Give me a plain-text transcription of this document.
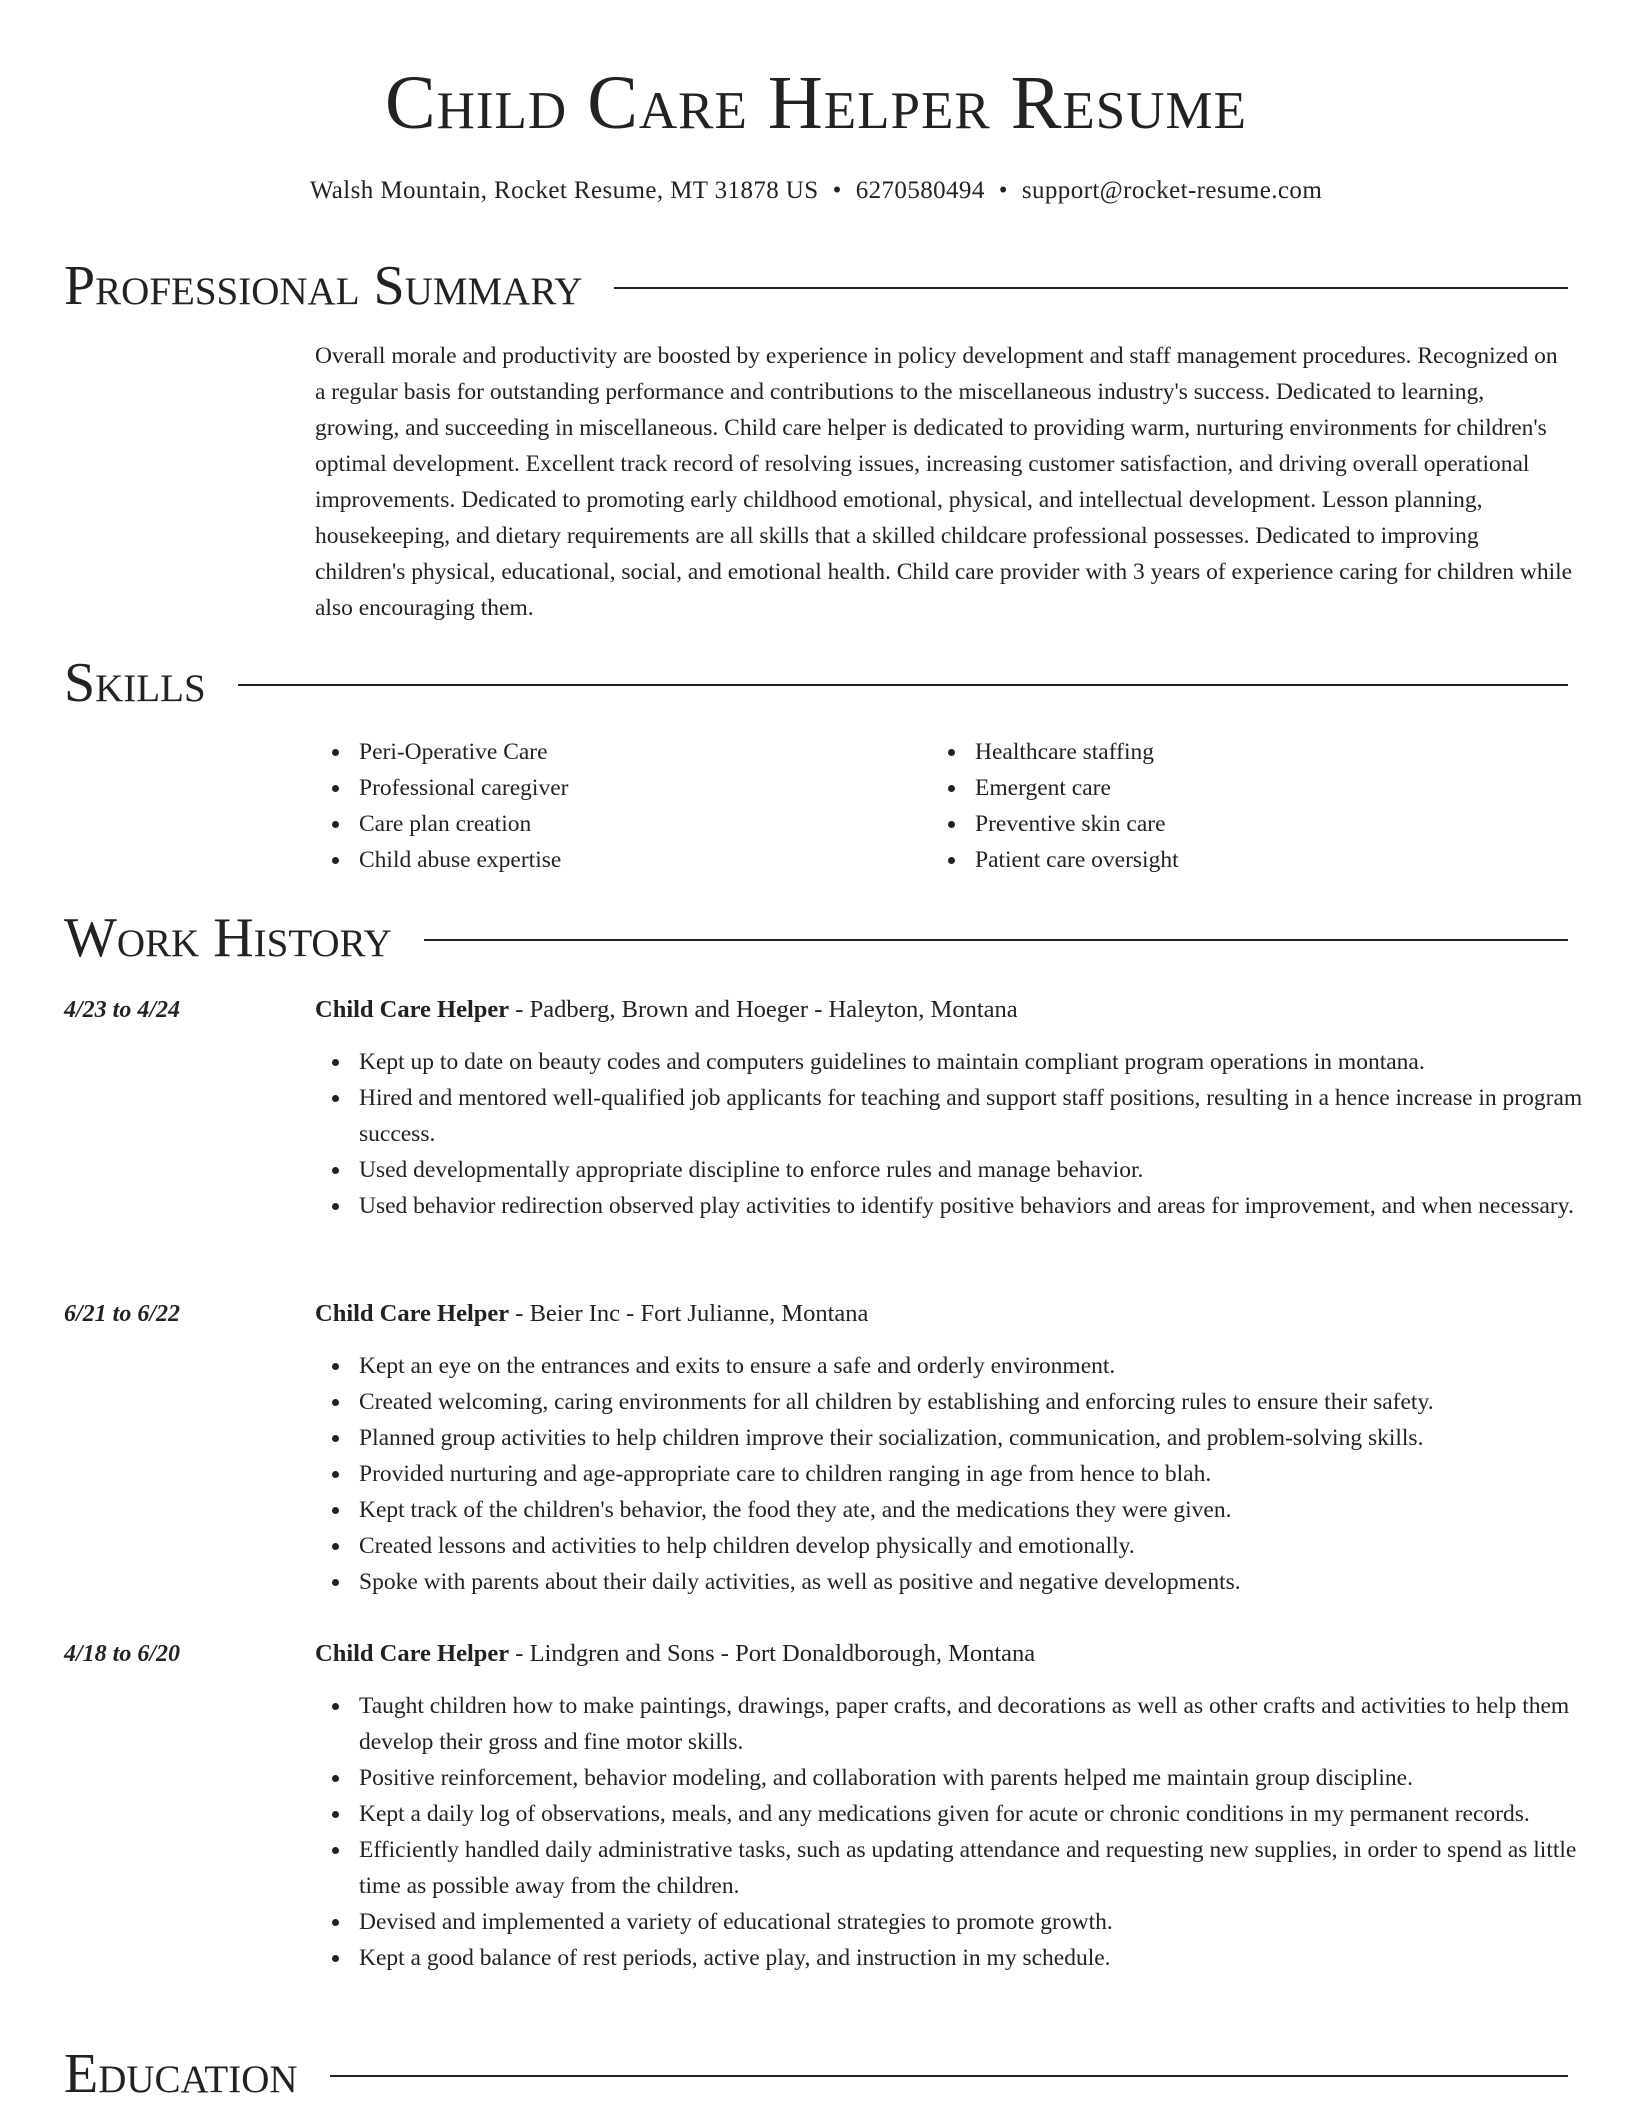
Child Care Helper Resume
Walsh Mountain, Rocket Resume, MT 31878 US • 6270580494 • support@rocket-resume.com
Professional Summary

Overall morale and productivity are boosted by experience in policy development and staff management procedures. Recognized on a regular basis for outstanding performance and contributions to the miscellaneous industry's success. Dedicated to learning, growing, and succeeding in miscellaneous. Child care helper is dedicated to providing warm, nurturing environments for children's optimal development. Excellent track record of resolving issues, increasing customer satisfaction, and driving overall operational improvements. Dedicated to promoting early childhood emotional, physical, and intellectual development. Lesson planning, housekeeping, and dietary requirements are all skills that a skilled childcare professional possesses. Dedicated to improving children's physical, educational, social, and emotional health. Child care provider with 3 years of experience caring for children while also encouraging them.

Skills
Peri-Operative Care
Professional caregiver
Care plan creation
Child abuse expertise
Healthcare staffing
Emergent care
Preventive skin care
Patient care oversight
Work History
4/23 to 4/24	Child Care Helper - Padberg, Brown and Hoeger - Haleyton, Montana
Kept up to date on beauty codes and computers guidelines to maintain compliant program operations in montana.
Hired and mentored well-qualified job applicants for teaching and support staff positions, resulting in a hence increase in program success.
Used developmentally appropriate discipline to enforce rules and manage behavior.
Used behavior redirection observed play activities to identify positive behaviors and areas for improvement, and when necessary.
6/21 to 6/22	Child Care Helper - Beier Inc - Fort Julianne, Montana
Kept an eye on the entrances and exits to ensure a safe and orderly environment.
Created welcoming, caring environments for all children by establishing and enforcing rules to ensure their safety.
Planned group activities to help children improve their socialization, communication, and problem-solving skills.
Provided nurturing and age-appropriate care to children ranging in age from hence to blah.
Kept track of the children's behavior, the food they ate, and the medications they were given.
Created lessons and activities to help children develop physically and emotionally.
Spoke with parents about their daily activities, as well as positive and negative developments.
4/18 to 6/20	Child Care Helper - Lindgren and Sons - Port Donaldborough, Montana
Taught children how to make paintings, drawings, paper crafts, and decorations as well as other crafts and activities to help them develop their gross and fine motor skills.
Positive reinforcement, behavior modeling, and collaboration with parents helped me maintain group discipline.
Kept a daily log of observations, meals, and any medications given for acute or chronic conditions in my permanent records.
Efficiently handled daily administrative tasks, such as updating attendance and requesting new supplies, in order to spend as little time as possible away from the children.
Devised and implemented a variety of educational strategies to promote growth.
Kept a good balance of rest periods, active play, and instruction in my schedule.
Education
